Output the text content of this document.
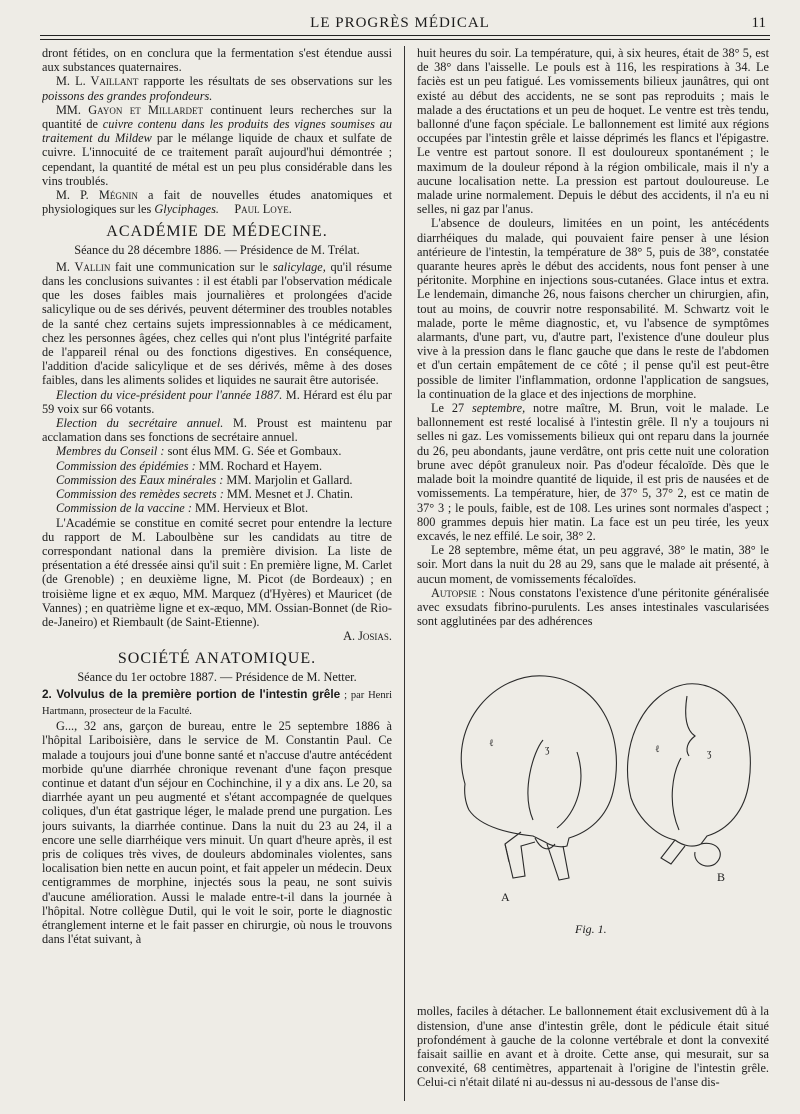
LE PROGRÈS MÉDICAL	11

dront fétides, on en conclura que la fermentation s'est étendue aussi aux substances quaternaires.

M. L. Vaillant rapporte les résultats de ses observations sur les poissons des grandes profondeurs.

MM. Gayon et Millardet continuent leurs recherches sur la quantité de cuivre contenu dans les produits des vignes soumises au traitement du Mildew par le mélange liquide de chaux et sulfate de cuivre. L'innocuité de ce traitement paraît aujourd'hui démontrée ; cependant, la quantité de métal est un peu plus considérable dans les vins troublés.

M. P. Mégnin a fait de nouvelles études anatomiques et physiologiques sur les Glyciphages. Paul Loye.

ACADÉMIE DE MÉDECINE.

Séance du 28 décembre 1886. — Présidence de M. Trélat.

M. Vallin fait une communication sur le salicylage, qu'il résume dans les conclusions suivantes : il est établi par l'observation médicale que les doses faibles mais journalières et prolongées d'acide salicylique ou de ses dérivés, peuvent déterminer des troubles notables de la santé chez certains sujets impressionnables à ce médicament, chez les personnes âgées, chez celles qui n'ont plus l'intégrité parfaite de l'appareil rénal ou des fonctions digestives. En conséquence, l'addition d'acide salicylique et de ses dérivés, même à des doses faibles, dans les aliments solides et liquides ne saurait être autorisée.

Election du vice-président pour l'année 1887. M. Hérard est élu par 59 voix sur 66 votants.

Election du secrétaire annuel. M. Proust est maintenu par acclamation dans ses fonctions de secrétaire annuel.

Membres du Conseil : sont élus MM. G. Sée et Gombaux.

Commission des épidémies : MM. Rochard et Hayem.

Commission des Eaux minérales : MM. Marjolin et Gallard.

Commission des remèdes secrets : MM. Mesnet et J. Chatin.

Commission de la vaccine : MM. Hervieux et Blot.

L'Académie se constitue en comité secret pour entendre la lecture du rapport de M. Laboulbène sur les candidats au titre de correspondant national dans la première division. La liste de présentation a été dressée ainsi qu'il suit : En première ligne, M. Carlet (de Grenoble) ; en deuxième ligne, M. Picot (de Bordeaux) ; en troisième ligne et ex æquo, MM. Marquez (d'Hyères) et Mauricet (de Vannes) ; en quatrième ligne et ex-æquo, MM. Ossian-Bonnet (de Rio-de-Janeiro) et Riembault (de Saint-Etienne).

A. Josias.

SOCIÉTÉ ANATOMIQUE.

Séance du 1er octobre 1887. — Présidence de M. Netter.

2. Volvulus de la première portion de l'intestin grêle ; par Henri Hartmann, prosecteur de la Faculté.

G..., 32 ans, garçon de bureau, entre le 25 septembre 1886 à l'hôpital Lariboisière, dans le service de M. Constantin Paul. Ce malade a toujours joui d'une bonne santé et n'accuse d'autre antécédent morbide qu'une diarrhée chronique revenant d'une façon presque continue et datant d'un séjour en Cochinchine, il y a dix ans. Le 20, sa diarrhée ayant un peu augmenté et s'étant accompagnée de quelques coliques, d'un état gastrique léger, le malade prend une purgation. Les jours suivants, la diarrhée continue. Dans la nuit du 23 au 24, il a encore une selle diarrhéique vers minuit. Un quart d'heure après, il est pris de coliques très vives, de douleurs abdominales violentes, sans localisation bien nette en aucun point, et fait appeler un médecin. Deux centigrammes de morphine, injectés sous la peau, ne sont suivis d'aucune amélioration. Aussi le malade entre-t-il dans la journée à l'hôpital. Notre collègue Dutil, qui le voit le soir, porte le diagnostic étranglement interne et le fait passer en chirurgie, où nous le trouvons dans l'état suivant, à

huit heures du soir. La température, qui, à six heures, était de 38° 5, est de 38° dans l'aisselle. Le pouls est à 116, les respirations à 34. Le faciès est un peu fatigué. Les vomissements bilieux jaunâtres, qui ont existé au début des accidents, ne se sont pas reproduits ; mais le malade a des éructations et un peu de hoquet. Le ventre est très tendu, ballonné d'une façon spéciale. Le ballonnement est limité aux régions occupées par l'intestin grêle et laisse déprimés les flancs et l'épigastre. Le ventre est partout sonore. Il est douloureux spontanément ; le maximum de la douleur répond à la région ombilicale, mais il n'y a aucune localisation nette. La pression est partout douloureuse. Le malade urine normalement. Depuis le début des accidents, il n'a eu ni selles, ni gaz par l'anus.

L'absence de douleurs, limitées en un point, les antécédents diarrhéiques du malade, qui pouvaient faire penser à une lésion antérieure de l'intestin, la température de 38° 5, puis de 38°, constatée quarante heures après le début des accidents, nous font penser à une péritonite. Morphine en injections sous-cutanées. Glace intus et extra. Le lendemain, dimanche 26, nous faisons chercher un chirurgien, afin, tout au moins, de couvrir notre responsabilité. M. Schwartz voit le malade, porte le même diagnostic, et, vu l'absence de symptômes alarmants, d'une part, vu, d'autre part, l'existence d'une douleur plus vive à la pression dans le flanc gauche que dans le reste de l'abdomen et d'un certain empâtement de ce côté ; il pense qu'il est peut-être possible de limiter l'inflammation, ordonne l'application de sangsues, la continuation de la glace et des injections de morphine.

Le 27 septembre, notre maître, M. Brun, voit le malade. Le ballonnement est resté localisé à l'intestin grêle. Il n'y a toujours ni selles ni gaz. Les vomissements bilieux qui ont reparu dans la journée du 26, peu abondants, jaune verdâtre, ont pris cette nuit une coloration brune avec dépôt granuleux noir. Pas d'odeur fécaloïde. Dès que le malade boit la moindre quantité de liquide, il est pris de nausées et de vomissements. La température, hier, de 37° 5, 37° 2, est ce matin de 37° 3 ; le pouls, faible, est de 108. Les urines sont normales d'aspect ; 800 grammes depuis hier matin. La face est un peu tirée, les yeux excavés, le nez effilé. Le soir, 38° 2.

Le 28 septembre, même état, un peu aggravé, 38° le matin, 38° le soir. Mort dans la nuit du 28 au 29, sans que le malade ait présenté, à aucun moment, de vomissements fécaloïdes.

Autopsie : Nous constatons l'existence d'une péritonite généralisée avec exsudats fibrino-purulents. Les anses intestinales vascularisées sont agglutinées par des adhérences

ℓ
ʒ	ℓ	ʒ
A
B
Fig. 1.

molles, faciles à détacher. Le ballonnement était exclusivement dû à la distension, d'une anse d'intestin grêle, dont le pédicule était situé profondément à gauche de la colonne vertébrale et dont la convexité faisait saillie en avant et à droite. Cette anse, qui mesurait, sur sa convexité, 68 centimètres, appartenait à l'origine de l'intestin grêle. Celui-ci n'était dilaté ni au-dessus ni au-dessous de l'anse dis-
